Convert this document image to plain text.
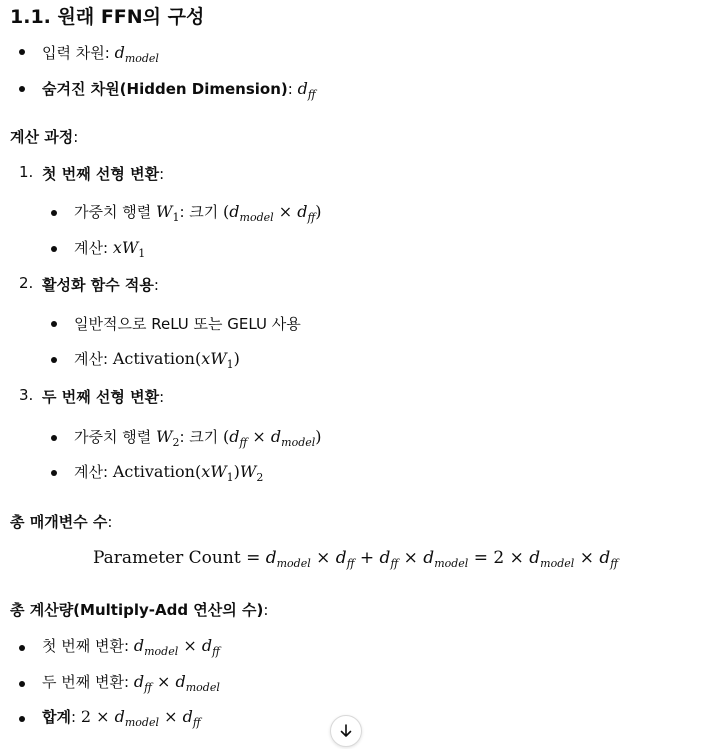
1.1. 원래 FFN의 구성
입력 차원: $d_{model}$
숨겨진 차원(Hidden Dimension): $d_{ff}$
계산 과정:
1. 첫 번째 선형 변환:
가중치 행렬 $W_1$: 크기 $(d_{model} \times d_{ff})$
계산: $xW_1$
2. 활성화 함수 적용:
일반적으로 ReLU 또는 GELU 사용
계산: $Activation(xW_1)$
3. 두 번째 선형 변환:
가중치 행렬 $W_2$: 크기 $(d_{ff} \times d_{model})$
계산: $Activation(xW_1)W_2$
총 매개변수 수:
Parameter Count = $d_{model} \times d_{ff} + d_{ff} \times d_{model} = 2 \times d_{model} \times d_{ff}$
총 계산량(Multiply-Add 연산의 수):
첫 번째 변환: $d_{model} \times d_{ff}$
두 번째 변환: $d_{ff} \times d_{model}$
합계: $2 \times d_{model} \times d_{ff}$
